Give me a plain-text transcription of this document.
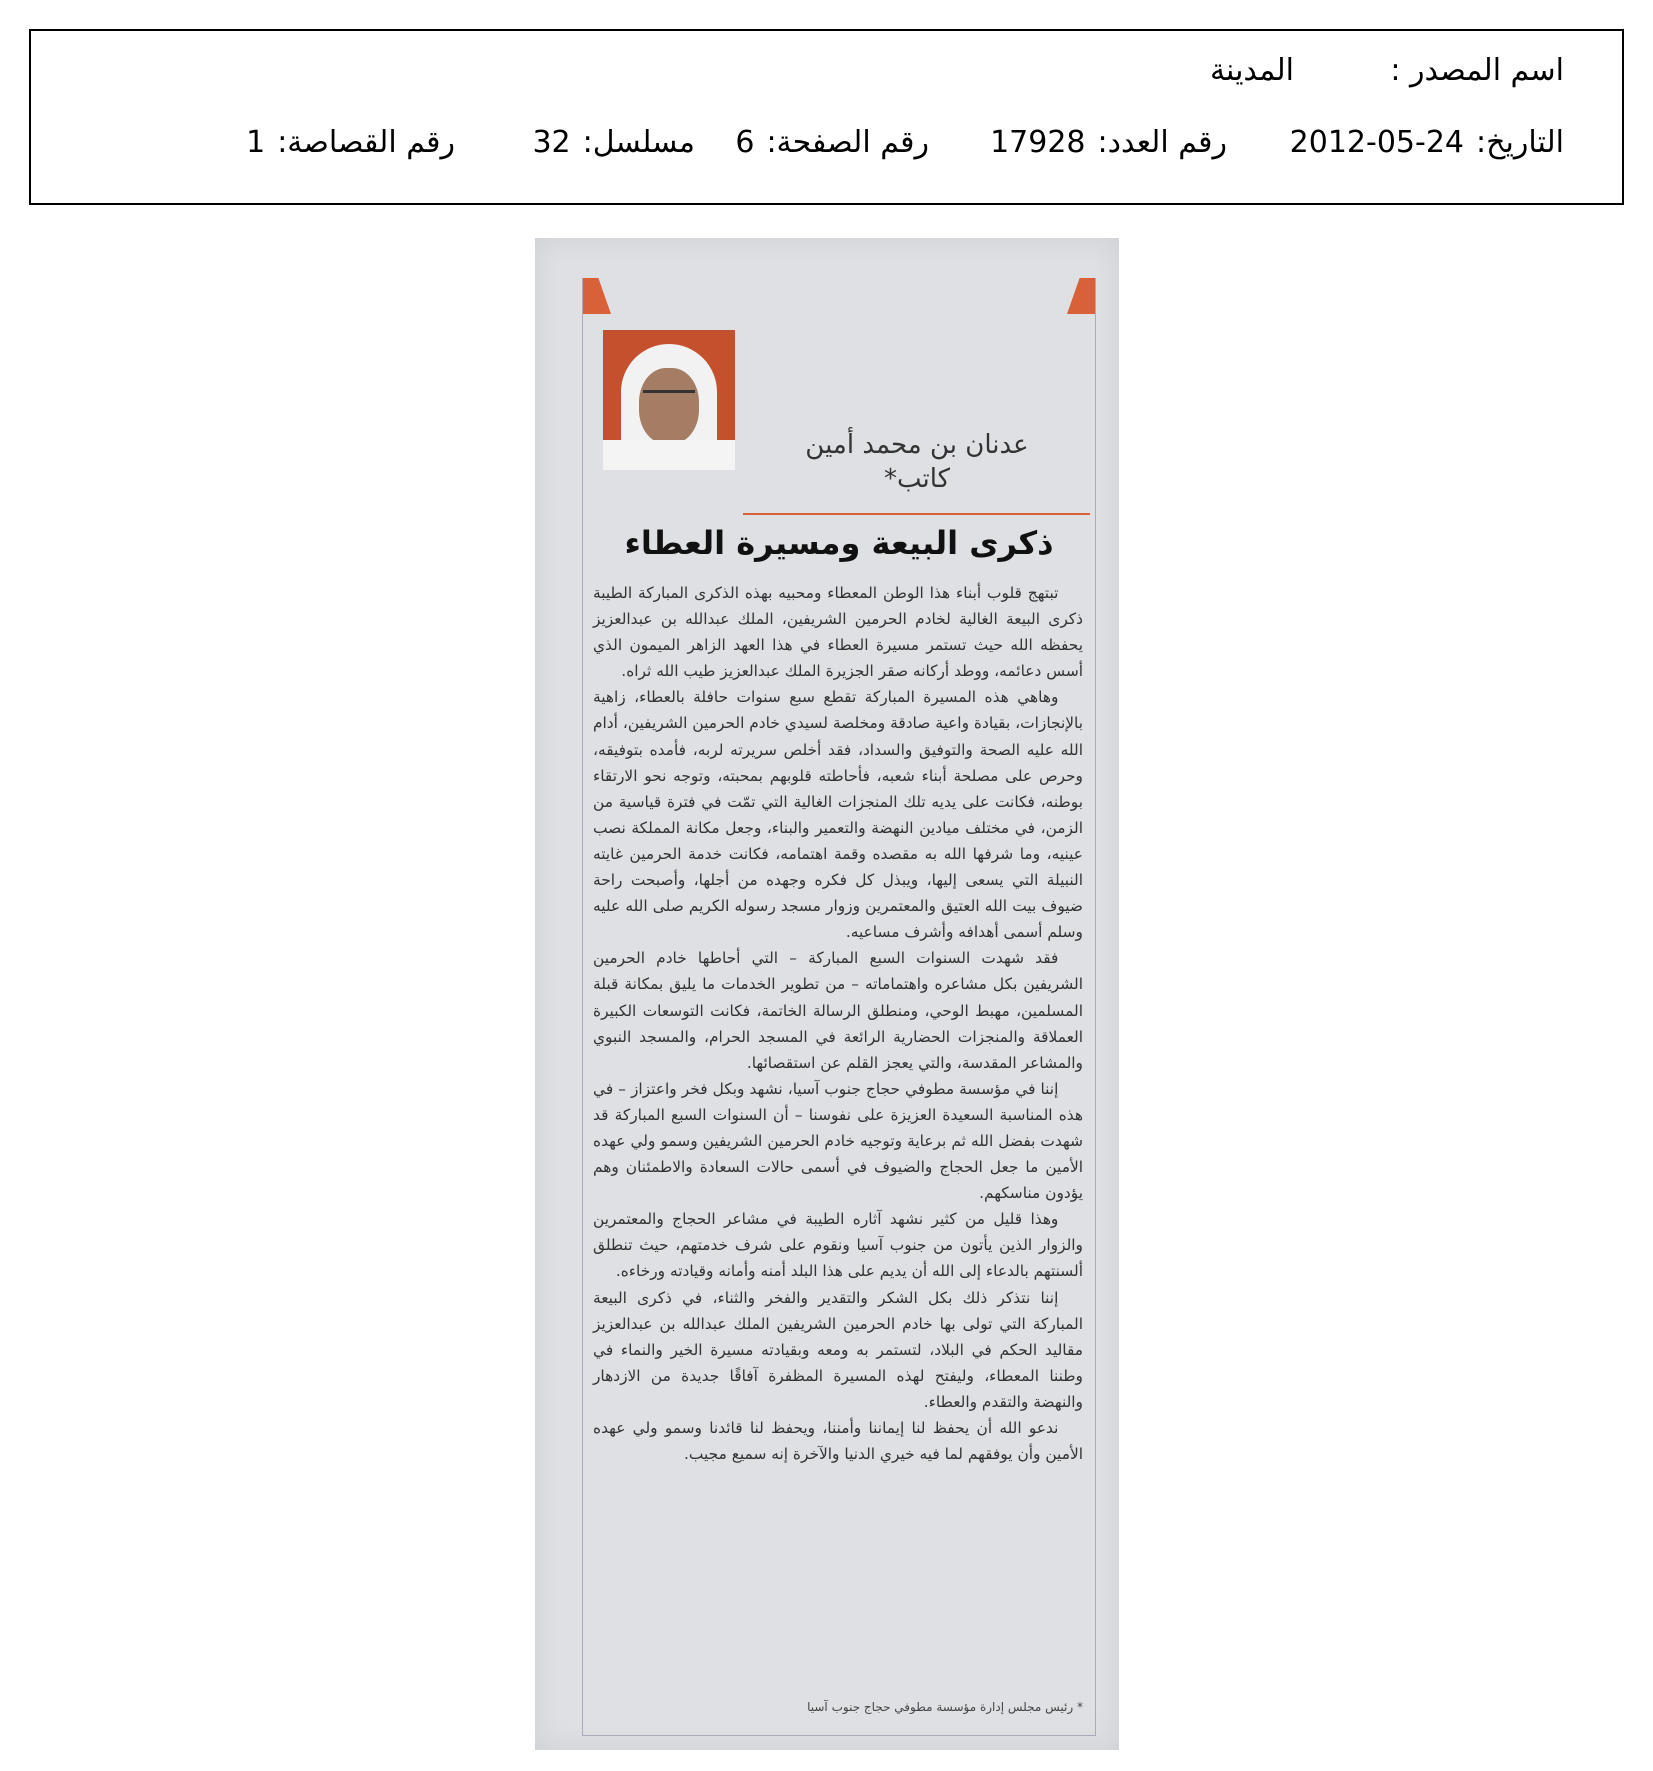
اسم المصدر :
المدينة
التاريخ:
2012-05-24
رقم العدد:
17928
رقم الصفحة:
6
مسلسل:
32
رقم القصاصة:
1
عدنان بن محمد أمين
كاتب*
ذكرى البيعة ومسيرة العطاء

تبتهج قلوب أبناء هذا الوطن المعطاء ومحبيه بهذه الذكرى المباركة الطيبة ذكرى البيعة الغالية لخادم الحرمين الشريفين، الملك عبدالله بن عبدالعزيز يحفظه الله حيث تستمر مسيرة العطاء في هذا العهد الزاهر الميمون الذي أسس دعائمه، ووطد أركانه صقر الجزيرة الملك عبدالعزيز طيب الله ثراه.

وهاهي هذه المسيرة المباركة تقطع سبع سنوات حافلة بالعطاء، زاهية بالإنجازات، بقيادة واعية صادقة ومخلصة لسيدي خادم الحرمين الشريفين، أدام الله عليه الصحة والتوفيق والسداد، فقد أخلص سريرته لربه، فأمده بتوفيقه، وحرص على مصلحة أبناء شعبه، فأحاطته قلوبهم بمحبته، وتوجه نحو الارتقاء بوطنه، فكانت على يديه تلك المنجزات الغالية التي تمّت في فترة قياسية من الزمن، في مختلف ميادين النهضة والتعمير والبناء، وجعل مكانة المملكة نصب عينيه، وما شرفها الله به مقصده وقمة اهتمامه، فكانت خدمة الحرمين غايته النبيلة التي يسعى إليها، ويبذل كل فكره وجهده من أجلها، وأصبحت راحة ضيوف بيت الله العتيق والمعتمرين وزوار مسجد رسوله الكريم صلى الله عليه وسلم أسمى أهدافه وأشرف مساعيه.

فقد شهدت السنوات السبع المباركة – التي أحاطها خادم الحرمين الشريفين بكل مشاعره واهتماماته – من تطوير الخدمات ما يليق بمكانة قبلة المسلمين، مهبط الوحي، ومنطلق الرسالة الخاتمة، فكانت التوسعات الكبيرة العملاقة والمنجزات الحضارية الرائعة في المسجد الحرام، والمسجد النبوي والمشاعر المقدسة، والتي يعجز القلم عن استقصائها.

إننا في مؤسسة مطوفي حجاج جنوب آسيا، نشهد وبكل فخر واعتزاز – في هذه المناسبة السعيدة العزيزة على نفوسنا – أن السنوات السبع المباركة قد شهدت بفضل الله ثم برعاية وتوجيه خادم الحرمين الشريفين وسمو ولي عهده الأمين ما جعل الحجاج والضيوف في أسمى حالات السعادة والاطمئنان وهم يؤدون مناسكهم.

وهذا قليل من كثير نشهد آثاره الطيبة في مشاعر الحجاج والمعتمرين والزوار الذين يأتون من جنوب آسيا ونقوم على شرف خدمتهم، حيث تنطلق ألسنتهم بالدعاء إلى الله أن يديم على هذا البلد أمنه وأمانه وقيادته ورخاءه.

إننا نتذكر ذلك بكل الشكر والتقدير والفخر والثناء، في ذكرى البيعة المباركة التي تولى بها خادم الحرمين الشريفين الملك عبدالله بن عبدالعزيز مقاليد الحكم في البلاد، لتستمر به ومعه وبقيادته مسيرة الخير والنماء في وطننا المعطاء، وليفتح لهذه المسيرة المظفرة آفاقًا جديدة من الازدهار والنهضة والتقدم والعطاء.

ندعو الله أن يحفظ لنا إيماننا وأمننا، ويحفظ لنا قائدنا وسمو ولي عهده الأمين وأن يوفقهم لما فيه خيري الدنيا والآخرة إنه سميع مجيب.

* رئيس مجلس إدارة مؤسسة مطوفي حجاج جنوب آسيا
